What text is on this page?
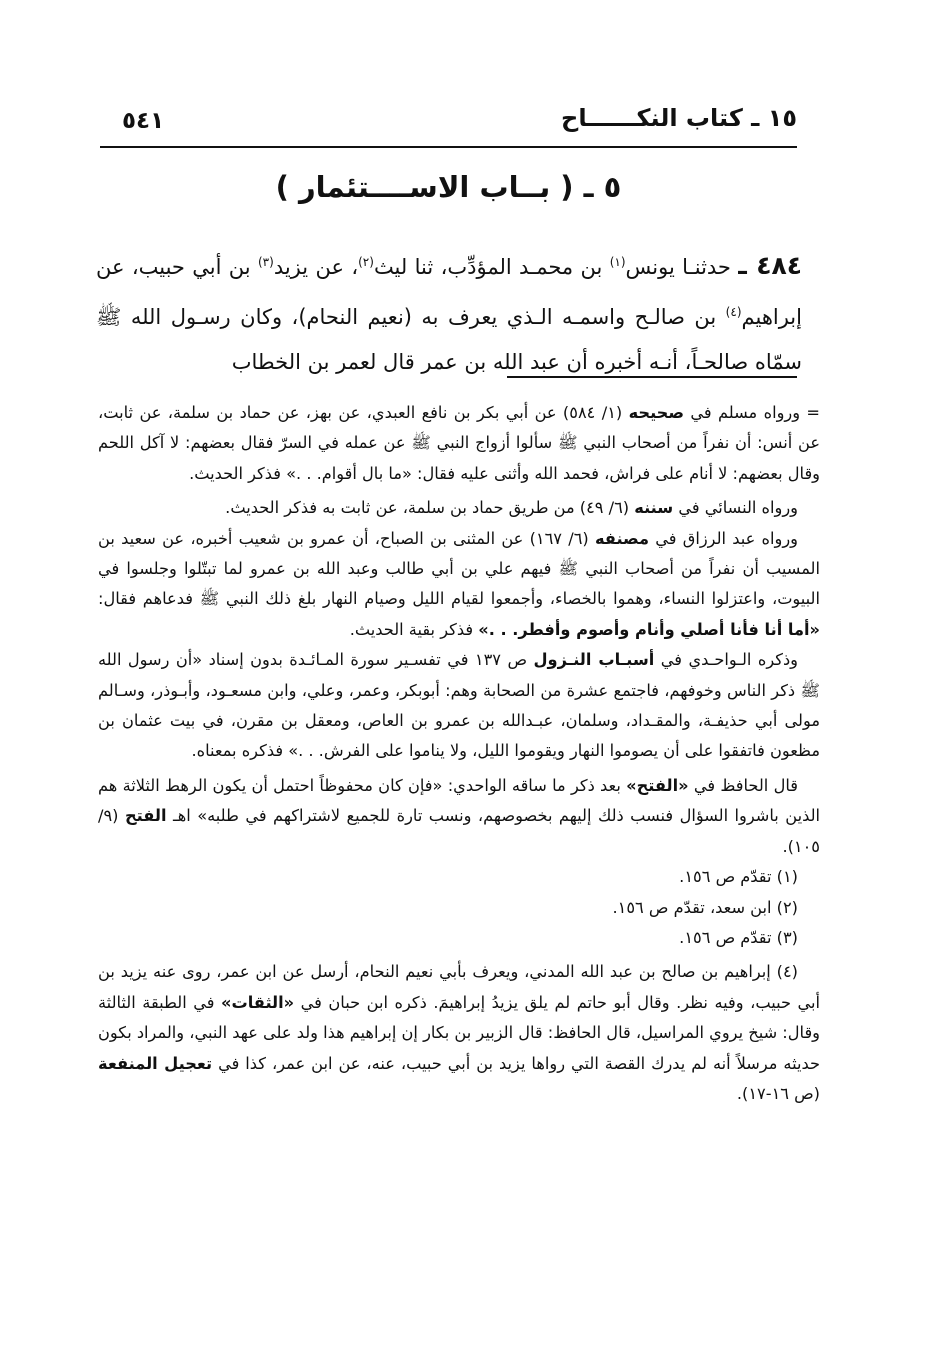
١٥ ـ كتاب النكــــــاح
٥٤١
٥ ـ ( بــاب الاســــتئمار )
٤٨٤ ـ حدثنـا يونس$^{(١)}$ بن محمـد المؤدِّب، ثنا ليث$^{(٢)}$، عن يزيد$^{(٣)}$ بن أبي حبيب، عن إبراهيم$^{(٤)}$ بن صالـح واسمـه الـذي يعرف به (نعيم النحام)، وكان رسـول الله ﷺ سمّاه صالحـاً، أنـه أخبره أن عبد الله بن عمر قال لعمر بن الخطاب

= ورواه مسلم في صحيحه (١/ ٥٨٤) عن أبي بكر بن نافع العبدي، عن بهز، عن حماد بن سلمة، عن ثابت، عن أنس: أن نفراً من أصحاب النبي ﷺ سألوا أزواج النبي ﷺ عن عمله في السرّ فقال بعضهم: لا آكل اللحم وقال بعضهم: لا أنام على فراش، فحمد الله وأثنى عليه فقال: «ما بال أقوام. . .» فذكر الحديث.

ورواه النسائي في سننه (٦/ ٤٩) من طريق حماد بن سلمة، عن ثابت به فذكر الحديث.

ورواه عبد الرزاق في مصنفه (٦/ ١٦٧) عن المثنى بن الصباح، أن عمرو بن شعيب أخبره، عن سعيد بن المسيب أن نفراً من أصحاب النبي ﷺ فيهم علي بن أبي طالب وعبد الله بن عمرو لما تبتّلوا وجلسوا في البيوت، واعتزلوا النساء، وهموا بالخصاء، وأجمعوا لقيام الليل وصيام النهار بلغ ذلك النبي ﷺ فدعاهم فقال: «أما أنا فأنا أصلي وأنام وأصوم وأفطر. . .» فذكر بقية الحديث.

وذكره الـواحـدي في أسبـاب النـزول ص ١٣٧ في تفسـير سورة المـائـدة بدون إسناد «أن رسول الله ﷺ ذكر الناس وخوفهم، فاجتمع عشرة من الصحابة وهم: أبوبكر، وعمر، وعلي، وابن مسعـود، وأبـوذر، وسـالم مولى أبي حذيفـة، والمقـداد، وسلمان، عبـدالله بن عمرو بن العاص، ومعقل بن مقرن، في بيت عثمان بن مظعون فاتفقوا على أن يصوموا النهار ويقوموا الليل، ولا يناموا على الفرش. . .» فذكره بمعناه.

قال الحافظ في «الفتح» بعد ذكر ما ساقه الواحدي: «فإن كان محفوظاً احتمل أن يكون الرهط الثلاثة هم الذين باشروا السؤال فنسب ذلك إليهم بخصوصهم، ونسب تارة للجميع لاشتراكهم في طلبه» اهـ الفتح (٩/ ١٠٥).

(١) تقدّم ص ١٥٦.

(٢) ابن سعد، تقدّم ص ١٥٦.

(٣) تقدّم ص ١٥٦.

(٤) إبراهيم بن صالح بن عبد الله المدني، ويعرف بأبي نعيم النحام، أرسل عن ابن عمر، روى عنه يزيد بن أبي حبيب، وفيه نظر. وقال أبو حاتم لم يلق يزيدُ إبراهيمَ. ذكره ابن حبان في «الثقات» في الطبقة الثالثة وقال: شيخ يروي المراسيل، قال الحافظ: قال الزبير بن بكار إن إبراهيم هذا ولد على عهد النبي، والمراد بكون حديثه مرسلاً أنه لم يدرك القصة التي رواها يزيد بن أبي حبيب، عنه، عن ابن عمر، كذا في تعجيل المنفعة (ص ١٦-١٧).
